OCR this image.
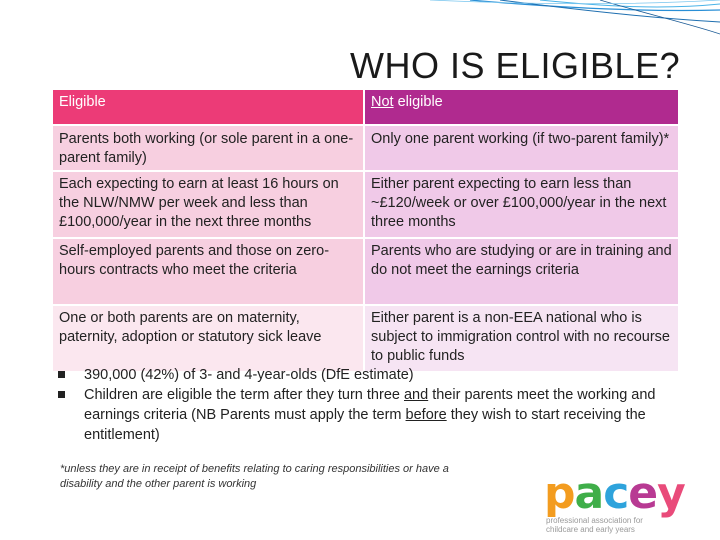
WHO IS ELIGIBLE?
Eligible	Not eligible
Parents both working (or sole parent in a one-parent family)	Only one parent working (if two-parent family)*
Each expecting to earn at least 16 hours on the NLW/NMW per week and less than £100,000/year in the next three months	Either parent expecting to earn less than ~£120/week or over £100,000/year in the next three months
Self-employed parents and those on zero-hours contracts who meet the criteria	Parents who are studying or are in training and do not meet the earnings criteria
One or both parents are on maternity, paternity, adoption or statutory sick leave	Either parent is a non-EEA national who is subject to immigration control with no recourse to public funds
390,000 (42%) of 3- and 4-year-olds (DfE estimate)
Children are eligible the term after they turn three and their parents meet the working and earnings criteria (NB Parents must apply the term before they wish to start receiving the entitlement)
*unless they are in receipt of benefits relating to caring responsibilities or have a disability and the other parent is working	pacey
professional association for
childcare and early years
